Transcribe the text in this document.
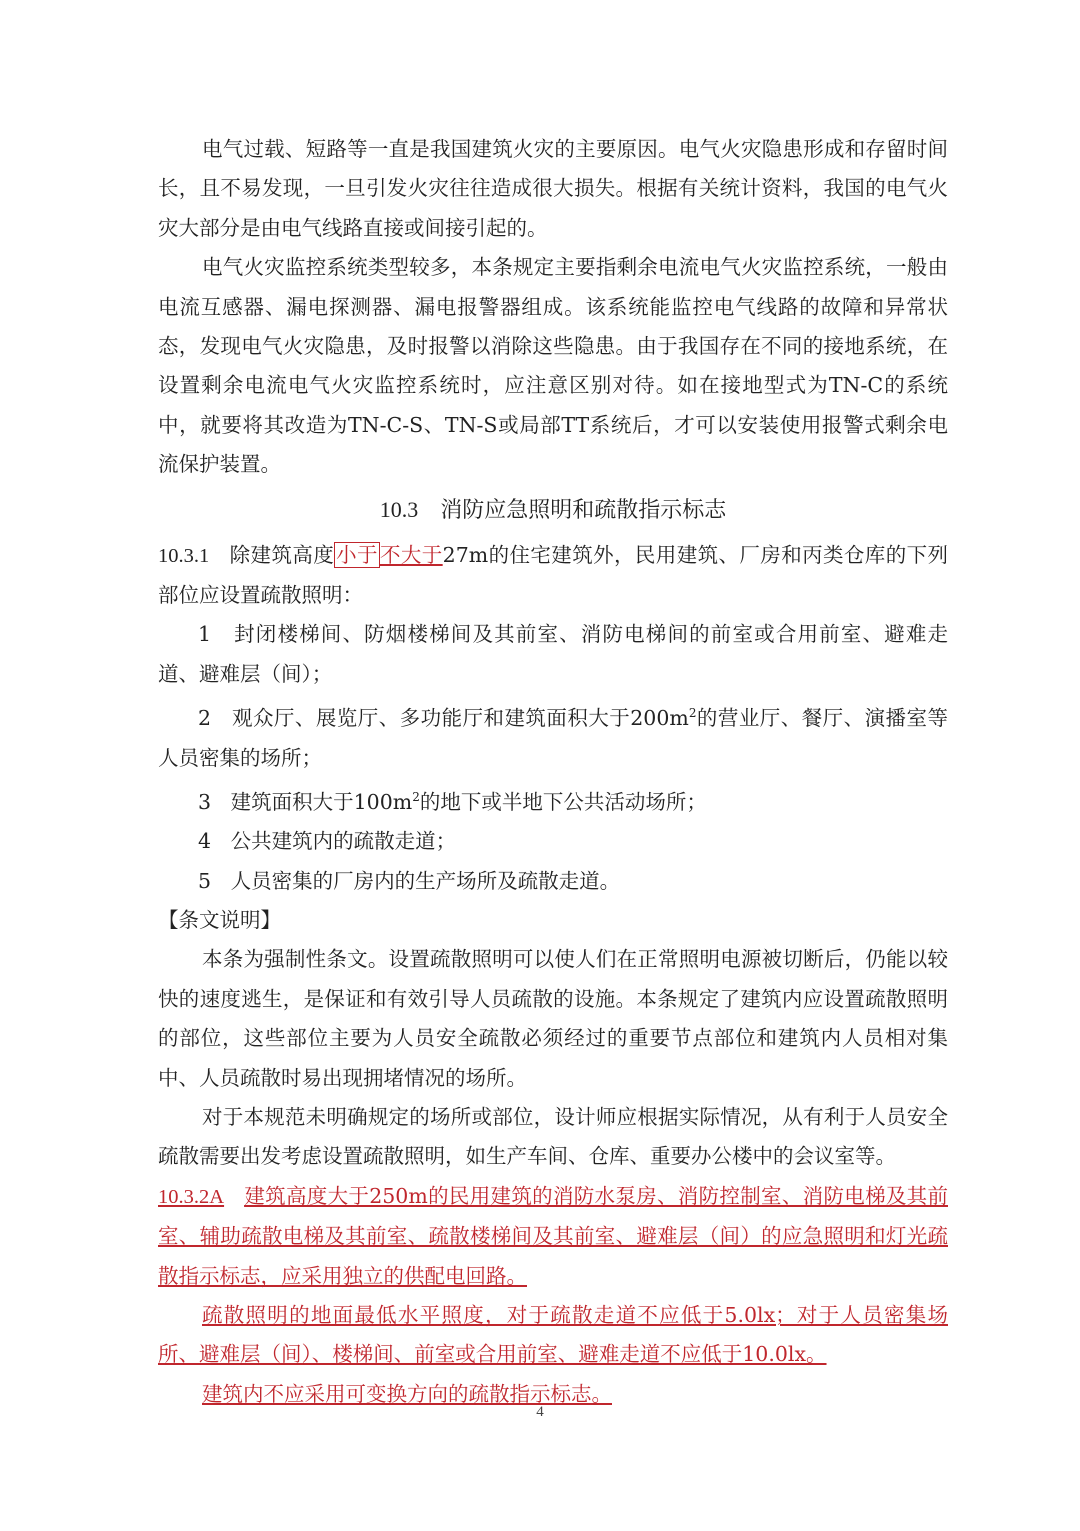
电气过载、短路等一直是我国建筑火灾的主要原因。电气火灾隐患形成和存留时间长，且不易发现，一旦引发火灾往往造成很大损失。根据有关统计资料，我国的电气火灾大部分是由电气线路直接或间接引起的。

电气火灾监控系统类型较多，本条规定主要指剩余电流电气火灾监控系统，一般由电流互感器、漏电探测器、漏电报警器组成。该系统能监控电气线路的故障和异常状态，发现电气火灾隐患，及时报警以消除这些隐患。由于我国存在不同的接地系统，在设置剩余电流电气火灾监控系统时，应注意区别对待。如在接地型式为TN-C的系统中，就要将其改造为TN-C-S、TN-S或局部TT系统后，才可以安装使用报警式剩余电流保护装置。

10.3 消防应急照明和疏散指示标志

10.3.1 除建筑高度小于不大于27m的住宅建筑外，民用建筑、厂房和丙类仓库的下列部位应设置疏散照明：

1 封闭楼梯间、防烟楼梯间及其前室、消防电梯间的前室或合用前室、避难走道、避难层（间）；

2 观众厅、展览厅、多功能厅和建筑面积大于$200m^2$的营业厅、餐厅、演播室等人员密集的场所；

3 建筑面积大于$100m^2$的地下或半地下公共活动场所；

4 公共建筑内的疏散走道；

5 人员密集的厂房内的生产场所及疏散走道。

【条文说明】

本条为强制性条文。设置疏散照明可以使人们在正常照明电源被切断后，仍能以较快的速度逃生，是保证和有效引导人员疏散的设施。本条规定了建筑内应设置疏散照明的部位，这些部位主要为人员安全疏散必须经过的重要节点部位和建筑内人员相对集中、人员疏散时易出现拥堵情况的场所。

对于本规范未明确规定的场所或部位，设计师应根据实际情况，从有利于人员安全疏散需要出发考虑设置疏散照明，如生产车间、仓库、重要办公楼中的会议室等。

10.3.2A 建筑高度大于250m的民用建筑的消防水泵房、消防控制室、消防电梯及其前室、辅助疏散电梯及其前室、疏散楼梯间及其前室、避难层（间）的应急照明和灯光疏散指示标志，应采用独立的供配电回路。

疏散照明的地面最低水平照度，对于疏散走道不应低于5.0lx；对于人员密集场所、避难层（间）、楼梯间、前室或合用前室、避难走道不应低于10.0lx。

建筑内不应采用可变换方向的疏散指示标志。

4
